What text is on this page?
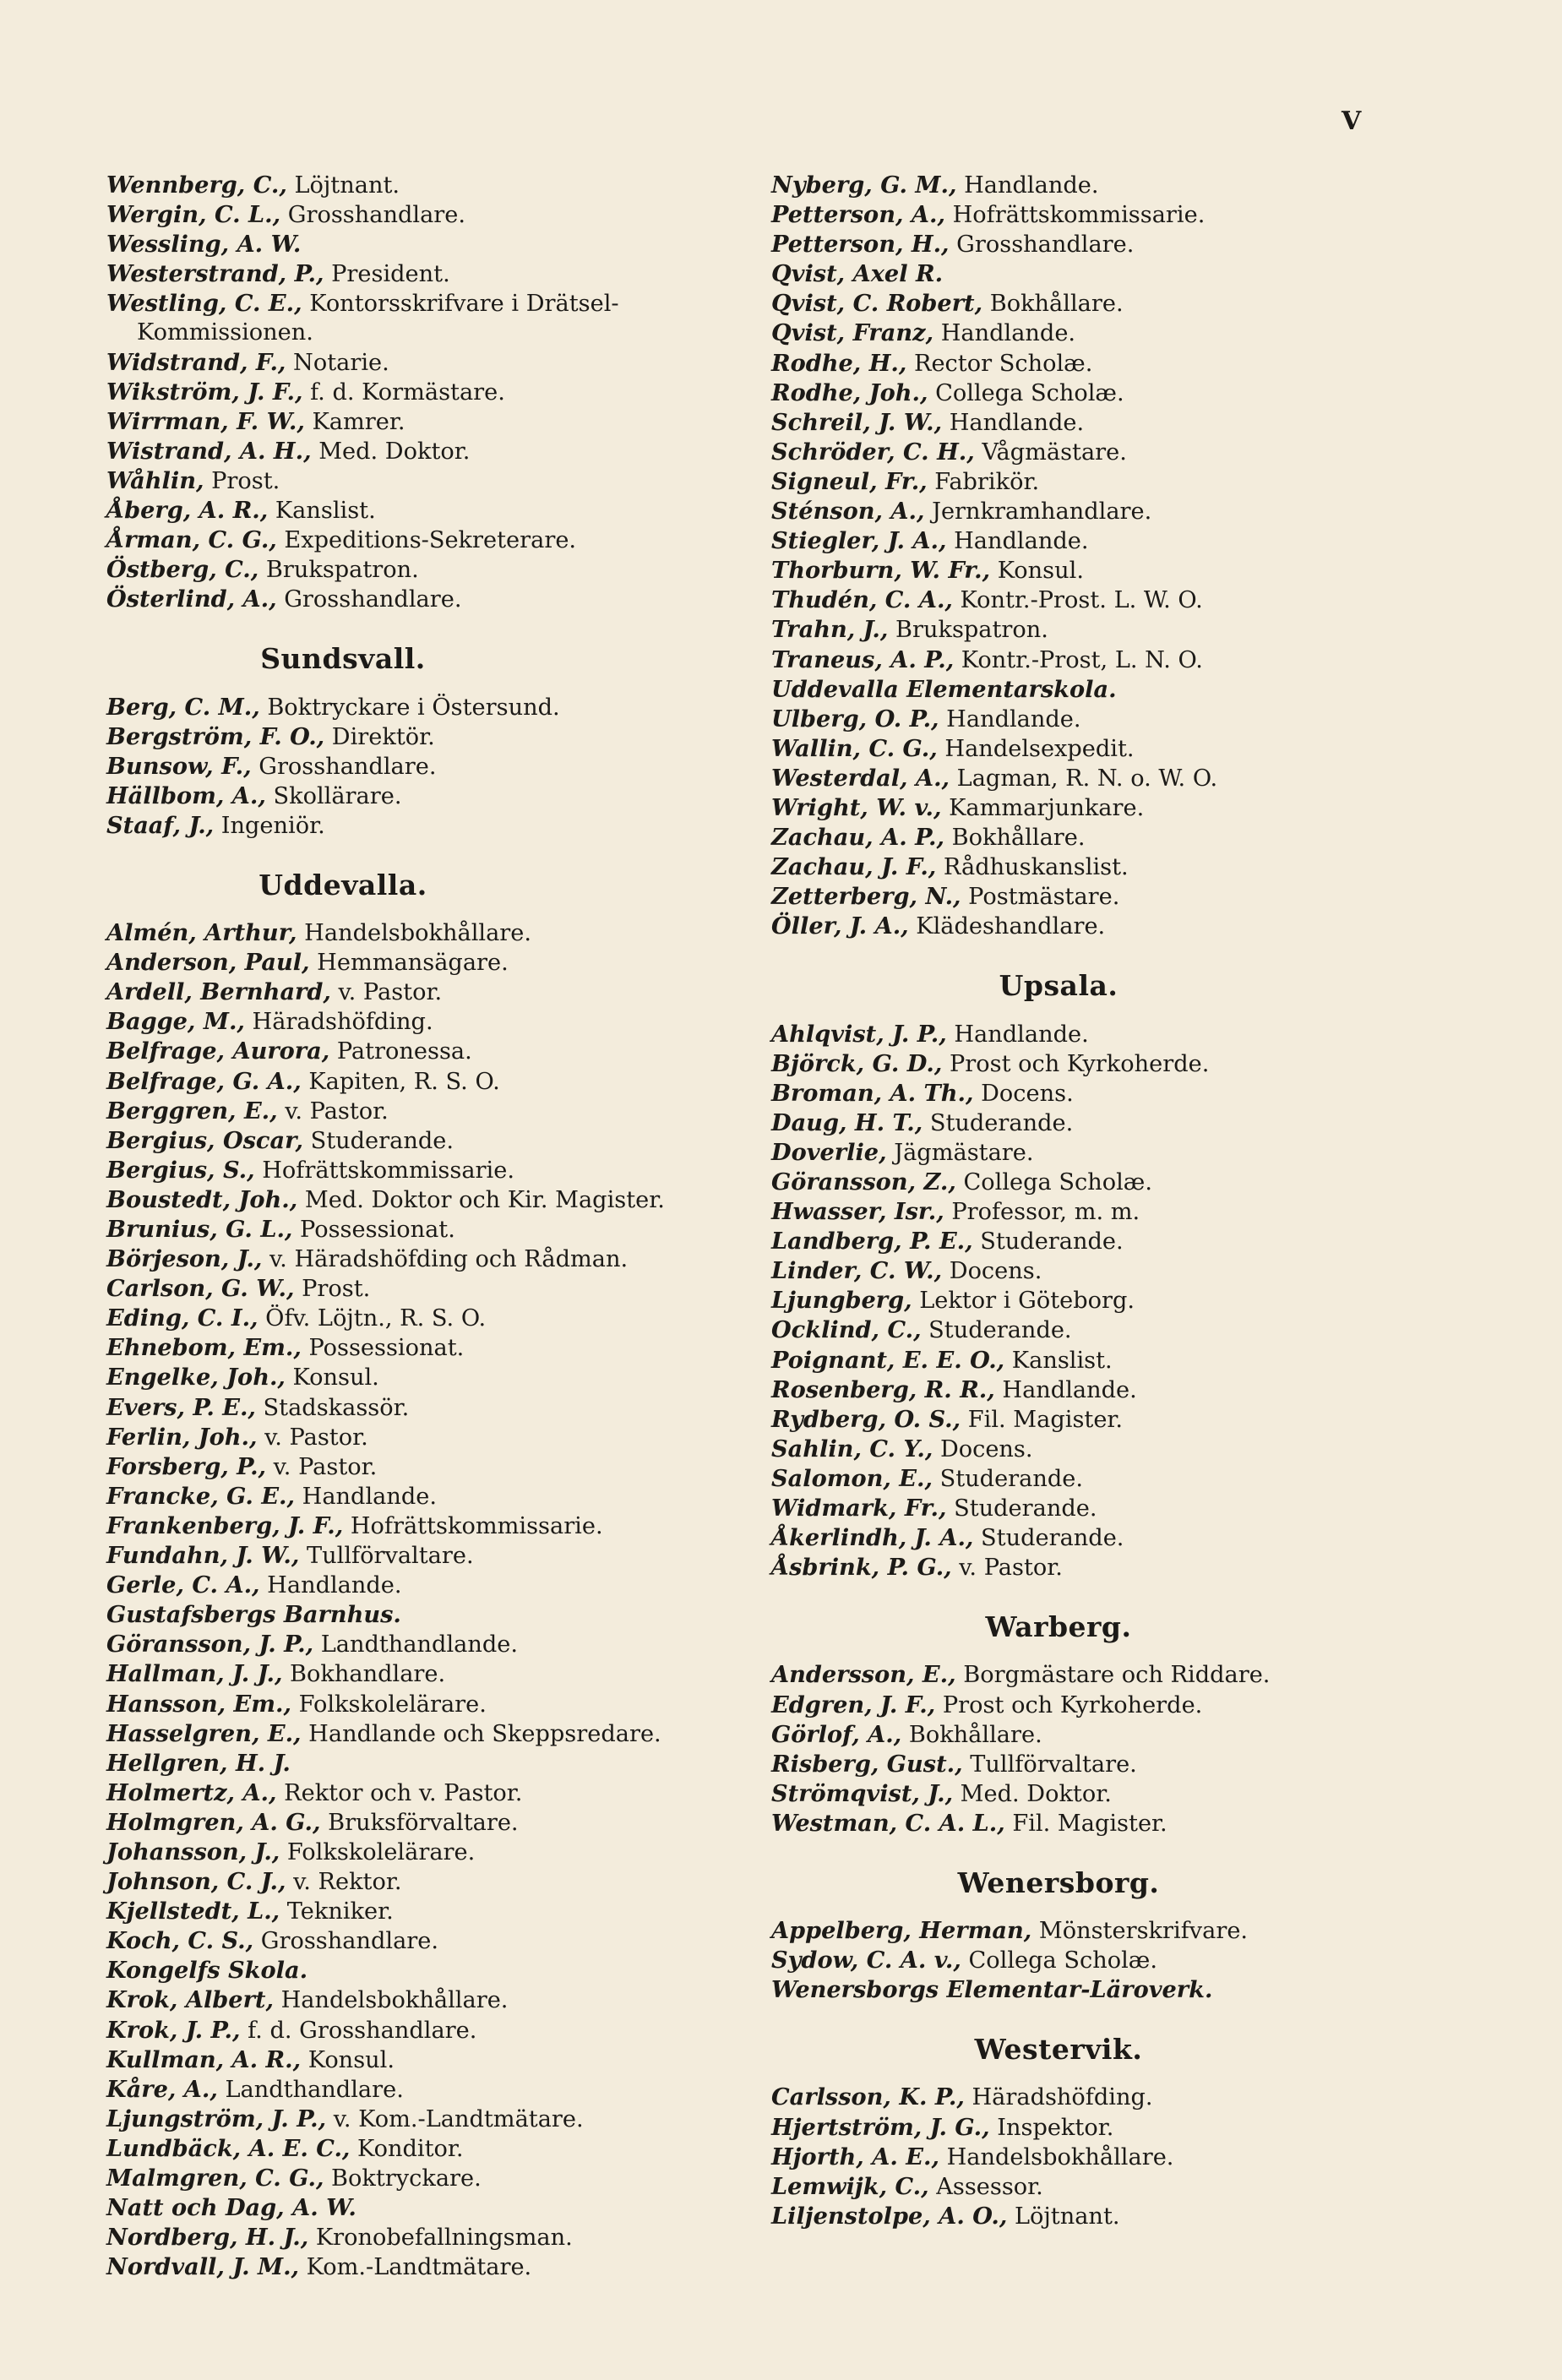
V
Wennberg, C., Löjtnant.
Wergin, C. L., Grosshandlare.
Wessling, A. W.
Westerstrand, P., President.
Westling, C. E., Kontorsskrifvare i Drätsel-Kommissionen.
Widstrand, F., Notarie.
Wikström, J. F., f. d. Kormästare.
Wirrman, F. W., Kamrer.
Wistrand, A. H., Med. Doktor.
Wåhlin, Prost.
Åberg, A. R., Kanslist.
Årman, C. G., Expeditions-Sekreterare.
Östberg, C., Brukspatron.
Österlind, A., Grosshandlare.
Sundsvall.
Berg, C. M., Boktryckare i Östersund.
Bergström, F. O., Direktör.
Bunsow, F., Grosshandlare.
Hällbom, A., Skollärare.
Staaf, J., Ingeniör.
Uddevalla.
Almén, Arthur, Handelsbokhållare.
Anderson, Paul, Hemmansägare.
Ardell, Bernhard, v. Pastor.
Bagge, M., Häradshöfding.
Belfrage, Aurora, Patronessa.
Belfrage, G. A., Kapiten, R. S. O.
Berggren, E., v. Pastor.
Bergius, Oscar, Studerande.
Bergius, S., Hofrättskommissarie.
Boustedt, Joh., Med. Doktor och Kir. Magister.
Brunius, G. L., Possessionat.
Börjeson, J., v. Häradshöfding och Rådman.
Carlson, G. W., Prost.
Eding, C. I., Öfv. Löjtn., R. S. O.
Ehnebom, Em., Possessionat.
Engelke, Joh., Konsul.
Evers, P. E., Stadskassör.
Ferlin, Joh., v. Pastor.
Forsberg, P., v. Pastor.
Francke, G. E., Handlande.
Frankenberg, J. F., Hofrättskommissarie.
Fundahn, J. W., Tullförvaltare.
Gerle, C. A., Handlande.
Gustafsbergs Barnhus.
Göransson, J. P., Landthandlande.
Hallman, J. J., Bokhandlare.
Hansson, Em., Folkskolelärare.
Hasselgren, E., Handlande och Skeppsredare.
Hellgren, H. J.
Holmertz, A., Rektor och v. Pastor.
Holmgren, A. G., Bruksförvaltare.
Johansson, J., Folkskolelärare.
Johnson, C. J., v. Rektor.
Kjellstedt, L., Tekniker.
Koch, C. S., Grosshandlare.
Kongelfs Skola.
Krok, Albert, Handelsbokhållare.
Krok, J. P., f. d. Grosshandlare.
Kullman, A. R., Konsul.
Kåre, A., Landthandlare.
Ljungström, J. P., v. Kom.-Landtmätare.
Lundbäck, A. E. C., Konditor.
Malmgren, C. G., Boktryckare.
Natt och Dag, A. W.
Nordberg, H. J., Kronobefallningsman.
Nordvall, J. M., Kom.-Landtmätare.
Nyberg, G. M., Handlande.
Petterson, A., Hofrättskommissarie.
Petterson, H., Grosshandlare.
Qvist, Axel R.
Qvist, C. Robert, Bokhållare.
Qvist, Franz, Handlande.
Rodhe, H., Rector Scholæ.
Rodhe, Joh., Collega Scholæ.
Schreil, J. W., Handlande.
Schröder, C. H., Vågmästare.
Signeul, Fr., Fabrikör.
Sténson, A., Jernkramhandlare.
Stiegler, J. A., Handlande.
Thorburn, W. Fr., Konsul.
Thudén, C. A., Kontr.-Prost. L. W. O.
Trahn, J., Brukspatron.
Traneus, A. P., Kontr.-Prost, L. N. O.
Uddevalla Elementarskola.
Ulberg, O. P., Handlande.
Wallin, C. G., Handelsexpedit.
Westerdal, A., Lagman, R. N. o. W. O.
Wright, W. v., Kammarjunkare.
Zachau, A. P., Bokhållare.
Zachau, J. F., Rådhuskanslist.
Zetterberg, N., Postmästare.
Öller, J. A., Klädeshandlare.
Upsala.
Ahlqvist, J. P., Handlande.
Björck, G. D., Prost och Kyrkoherde.
Broman, A. Th., Docens.
Daug, H. T., Studerande.
Doverlie, Jägmästare.
Göransson, Z., Collega Scholæ.
Hwasser, Isr., Professor, m. m.
Landberg, P. E., Studerande.
Linder, C. W., Docens.
Ljungberg, Lektor i Göteborg.
Ocklind, C., Studerande.
Poignant, E. E. O., Kanslist.
Rosenberg, R. R., Handlande.
Rydberg, O. S., Fil. Magister.
Sahlin, C. Y., Docens.
Salomon, E., Studerande.
Widmark, Fr., Studerande.
Åkerlindh, J. A., Studerande.
Åsbrink, P. G., v. Pastor.
Warberg.
Andersson, E., Borgmästare och Riddare.
Edgren, J. F., Prost och Kyrkoherde.
Görlof, A., Bokhållare.
Risberg, Gust., Tullförvaltare.
Strömqvist, J., Med. Doktor.
Westman, C. A. L., Fil. Magister.
Wenersborg.
Appelberg, Herman, Mönsterskrifvare.
Sydow, C. A. v., Collega Scholæ.
Wenersborgs Elementar-Läroverk.
Westervik.
Carlsson, K. P., Häradshöfding.
Hjertström, J. G., Inspektor.
Hjorth, A. E., Handelsbokhållare.
Lemwijk, C., Assessor.
Liljenstolpe, A. O., Löjtnant.
